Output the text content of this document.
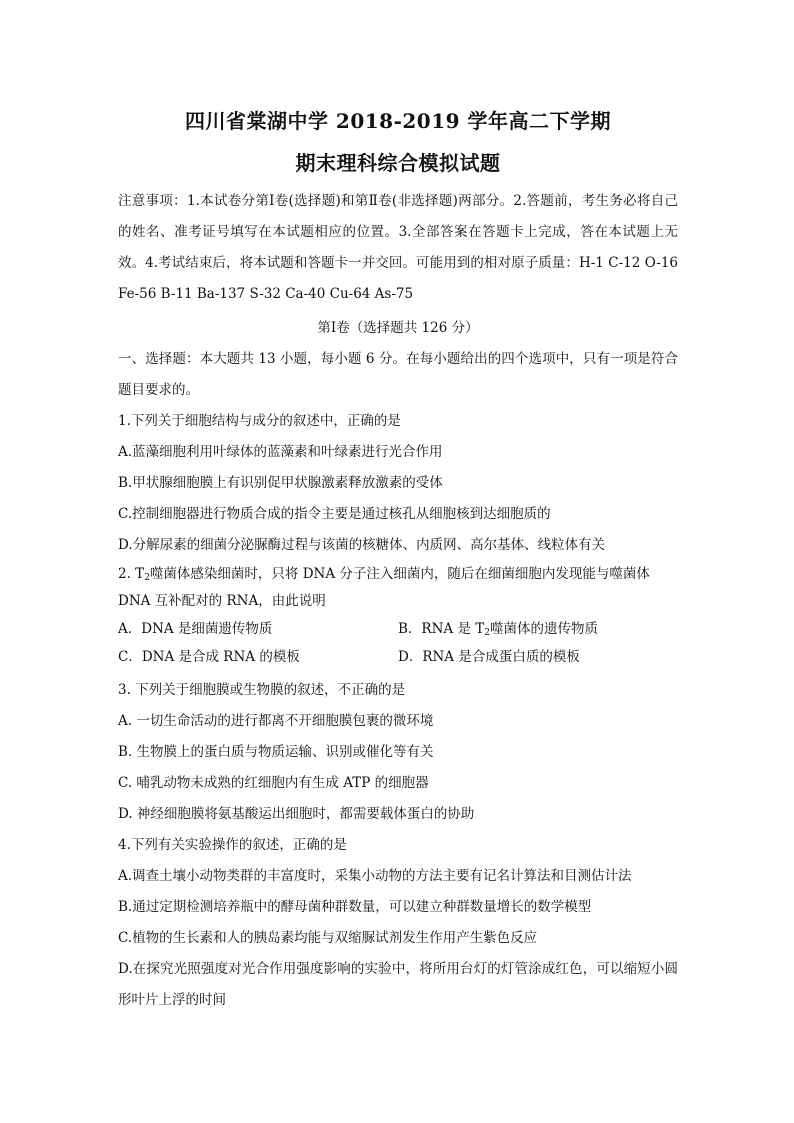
四川省棠湖中学 2018-2019 学年高二下学期
期末理科综合模拟试题
注意事项：1.本试卷分第Ⅰ卷(选择题)和第Ⅱ卷(非选择题)两部分。2.答题前，考生务必将自己的姓名、准考证号填写在本试题相应的位置。3.全部答案在答题卡上完成，答在本试题上无效。4.考试结束后，将本试题和答题卡一并交回。可能用到的相对原子质量：H-1 C-12 O-16 Fe-56 B-11 Ba-137 S-32 Ca-40 Cu-64 As-75
第Ⅰ卷（选择题共 126 分）
一、选择题：本大题共 13 小题，每小题 6 分。在每小题给出的四个选项中，只有一项是符合题目要求的。
1.下列关于细胞结构与成分的叙述中，正确的是
A.蓝藻细胞利用叶绿体的蓝藻素和叶绿素进行光合作用
B.甲状腺细胞膜上有识别促甲状腺激素释放激素的受体
C.控制细胞器进行物质合成的指令主要是通过核孔从细胞核到达细胞质的
D.分解尿素的细菌分泌脲酶过程与该菌的核糖体、内质网、高尔基体、线粒体有关
2. $T_2$噬菌体感染细菌时，只将 DNA 分子注入细菌内，随后在细菌细胞内发现能与噬菌体 DNA 互补配对的 RNA，由此说明
A．DNA 是细菌遗传物质	B．RNA 是 $T_2$噬菌体的遗传物质
C．DNA 是合成 RNA 的模板	D．RNA 是合成蛋白质的模板
3. 下列关于细胞膜或生物膜的叙述，不正确的是
A. 一切生命活动的进行都离不开细胞膜包裹的微环境
B. 生物膜上的蛋白质与物质运输、识别或催化等有关
C. 哺乳动物未成熟的红细胞内有生成 ATP 的细胞器
D. 神经细胞膜将氨基酸运出细胞时，都需要载体蛋白的协助
4.下列有关实验操作的叙述，正确的是
A.调查土壤小动物类群的丰富度时，采集小动物的方法主要有记名计算法和目测估计法
B.通过定期检测培养瓶中的酵母菌种群数量，可以建立种群数量增长的数学模型
C.植物的生长素和人的胰岛素均能与双缩脲试剂发生作用产生紫色反应
D.在探究光照强度对光合作用强度影响的实验中，将所用台灯的灯管涂成红色，可以缩短小圆形叶片上浮的时间
